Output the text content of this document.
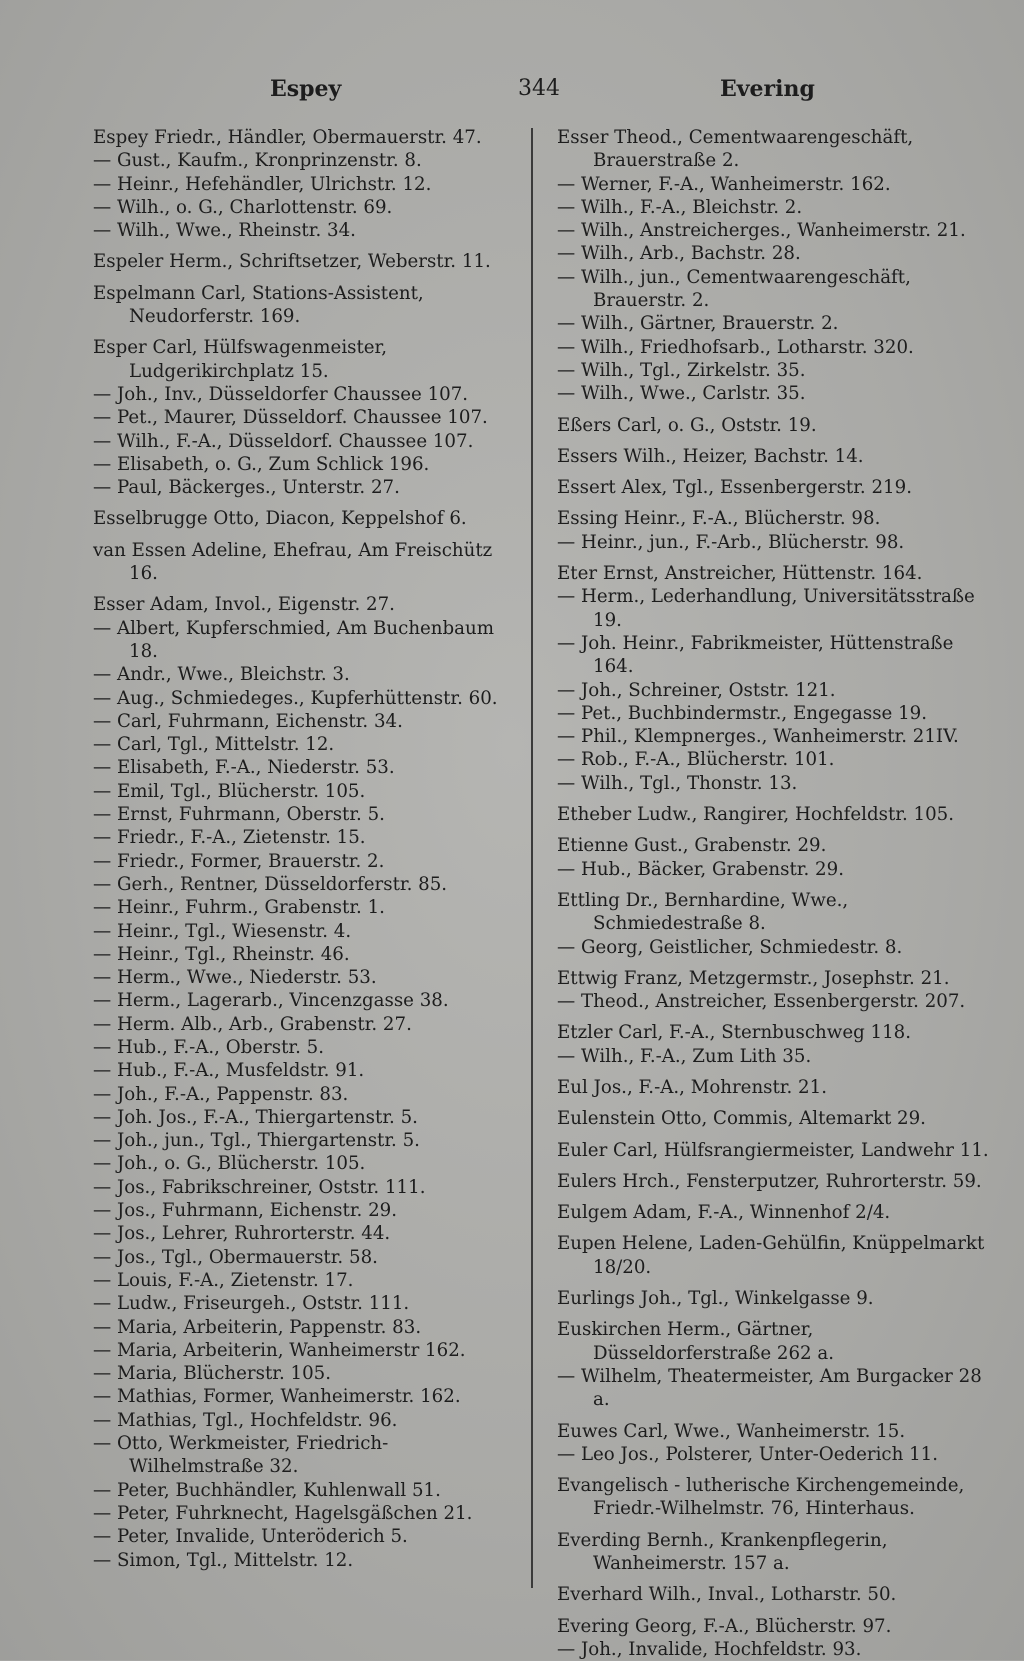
Espey	344	Evering
Espey Friedr., Händler, Obermauerstr. 47.
— Gust., Kaufm., Kronprinzenstr. 8.
— Heinr., Hefehändler, Ulrichstr. 12.
— Wilh., o. G., Charlottenstr. 69.
— Wilh., Wwe., Rheinstr. 34.
Espeler Herm., Schriftsetzer, Weberstr. 11.
Espelmann Carl, Stations-Assistent, Neudorferstr. 169.
Esper Carl, Hülfswagenmeister, Ludgerikirchplatz 15.
— Joh., Inv., Düsseldorfer Chaussee 107.
— Pet., Maurer, Düsseldorf. Chaussee 107.
— Wilh., F.-A., Düsseldorf. Chaussee 107.
— Elisabeth, o. G., Zum Schlick 196.
— Paul, Bäckerges., Unterstr. 27.
Esselbrugge Otto, Diacon, Keppelshof 6.
van Essen Adeline, Ehefrau, Am Freischütz 16.
Esser Adam, Invol., Eigenstr. 27.
— Albert, Kupferschmied, Am Buchenbaum 18.
— Andr., Wwe., Bleichstr. 3.
— Aug., Schmiedeges., Kupferhüttenstr. 60.
— Carl, Fuhrmann, Eichenstr. 34.
— Carl, Tgl., Mittelstr. 12.
— Elisabeth, F.-A., Niederstr. 53.
— Emil, Tgl., Blücherstr. 105.
— Ernst, Fuhrmann, Oberstr. 5.
— Friedr., F.-A., Zietenstr. 15.
— Friedr., Former, Brauerstr. 2.
— Gerh., Rentner, Düsseldorferstr. 85.
— Heinr., Fuhrm., Grabenstr. 1.
— Heinr., Tgl., Wiesenstr. 4.
— Heinr., Tgl., Rheinstr. 46.
— Herm., Wwe., Niederstr. 53.
— Herm., Lagerarb., Vincenzgasse 38.
— Herm. Alb., Arb., Grabenstr. 27.
— Hub., F.-A., Oberstr. 5.
— Hub., F.-A., Musfeldstr. 91.
— Joh., F.-A., Pappenstr. 83.
— Joh. Jos., F.-A., Thiergartenstr. 5.
— Joh., jun., Tgl., Thiergartenstr. 5.
— Joh., o. G., Blücherstr. 105.
— Jos., Fabrikschreiner, Oststr. 111.
— Jos., Fuhrmann, Eichenstr. 29.
— Jos., Lehrer, Ruhrorterstr. 44.
— Jos., Tgl., Obermauerstr. 58.
— Louis, F.-A., Zietenstr. 17.
— Ludw., Friseurgeh., Oststr. 111.
— Maria, Arbeiterin, Pappenstr. 83.
— Maria, Arbeiterin, Wanheimerstr 162.
— Maria, Blücherstr. 105.
— Mathias, Former, Wanheimerstr. 162.
— Mathias, Tgl., Hochfeldstr. 96.
— Otto, Werkmeister, Friedrich-Wilhelmstraße 32.
— Peter, Buchhändler, Kuhlenwall 51.
— Peter, Fuhrknecht, Hagelsgäßchen 21.
— Peter, Invalide, Unteröderich 5.
— Simon, Tgl., Mittelstr. 12.
Esser Theod., Cementwaarengeschäft, Brauerstraße 2.
— Werner, F.-A., Wanheimerstr. 162.
— Wilh., F.-A., Bleichstr. 2.
— Wilh., Anstreicherges., Wanheimerstr. 21.
— Wilh., Arb., Bachstr. 28.
— Wilh., jun., Cementwaarengeschäft, Brauerstr. 2.
— Wilh., Gärtner, Brauerstr. 2.
— Wilh., Friedhofsarb., Lotharstr. 320.
— Wilh., Tgl., Zirkelstr. 35.
— Wilh., Wwe., Carlstr. 35.
Eßers Carl, o. G., Oststr. 19.
Essers Wilh., Heizer, Bachstr. 14.
Essert Alex, Tgl., Essenbergerstr. 219.
Essing Heinr., F.-A., Blücherstr. 98.
— Heinr., jun., F.-Arb., Blücherstr. 98.
Eter Ernst, Anstreicher, Hüttenstr. 164.
— Herm., Lederhandlung, Universitätsstraße 19.
— Joh. Heinr., Fabrikmeister, Hüttenstraße 164.
— Joh., Schreiner, Oststr. 121.
— Pet., Buchbindermstr., Engegasse 19.
— Phil., Klempnerges., Wanheimerstr. 21IV.
— Rob., F.-A., Blücherstr. 101.
— Wilh., Tgl., Thonstr. 13.
Etheber Ludw., Rangirer, Hochfeldstr. 105.
Etienne Gust., Grabenstr. 29.
— Hub., Bäcker, Grabenstr. 29.
Ettling Dr., Bernhardine, Wwe., Schmiedestraße 8.
— Georg, Geistlicher, Schmiedestr. 8.
Ettwig Franz, Metzgermstr., Josephstr. 21.
— Theod., Anstreicher, Essenbergerstr. 207.
Etzler Carl, F.-A., Sternbuschweg 118.
— Wilh., F.-A., Zum Lith 35.
Eul Jos., F.-A., Mohrenstr. 21.
Eulenstein Otto, Commis, Altemarkt 29.
Euler Carl, Hülfsrangiermeister, Landwehr 11.
Eulers Hrch., Fensterputzer, Ruhrorterstr. 59.
Eulgem Adam, F.-A., Winnenhof 2/4.
Eupen Helene, Laden-Gehülfin, Knüppelmarkt 18/20.
Eurlings Joh., Tgl., Winkelgasse 9.
Euskirchen Herm., Gärtner, Düsseldorferstraße 262 a.
— Wilhelm, Theatermeister, Am Burgacker 28 a.
Euwes Carl, Wwe., Wanheimerstr. 15.
— Leo Jos., Polsterer, Unter-Oederich 11.
Evangelisch - lutherische Kirchengemeinde, Friedr.-Wilhelmstr. 76, Hinterhaus.
Everding Bernh., Krankenpflegerin, Wanheimerstr. 157 a.
Everhard Wilh., Inval., Lotharstr. 50.
Evering Georg, F.-A., Blücherstr. 97.
— Joh., Invalide, Hochfeldstr. 93.
